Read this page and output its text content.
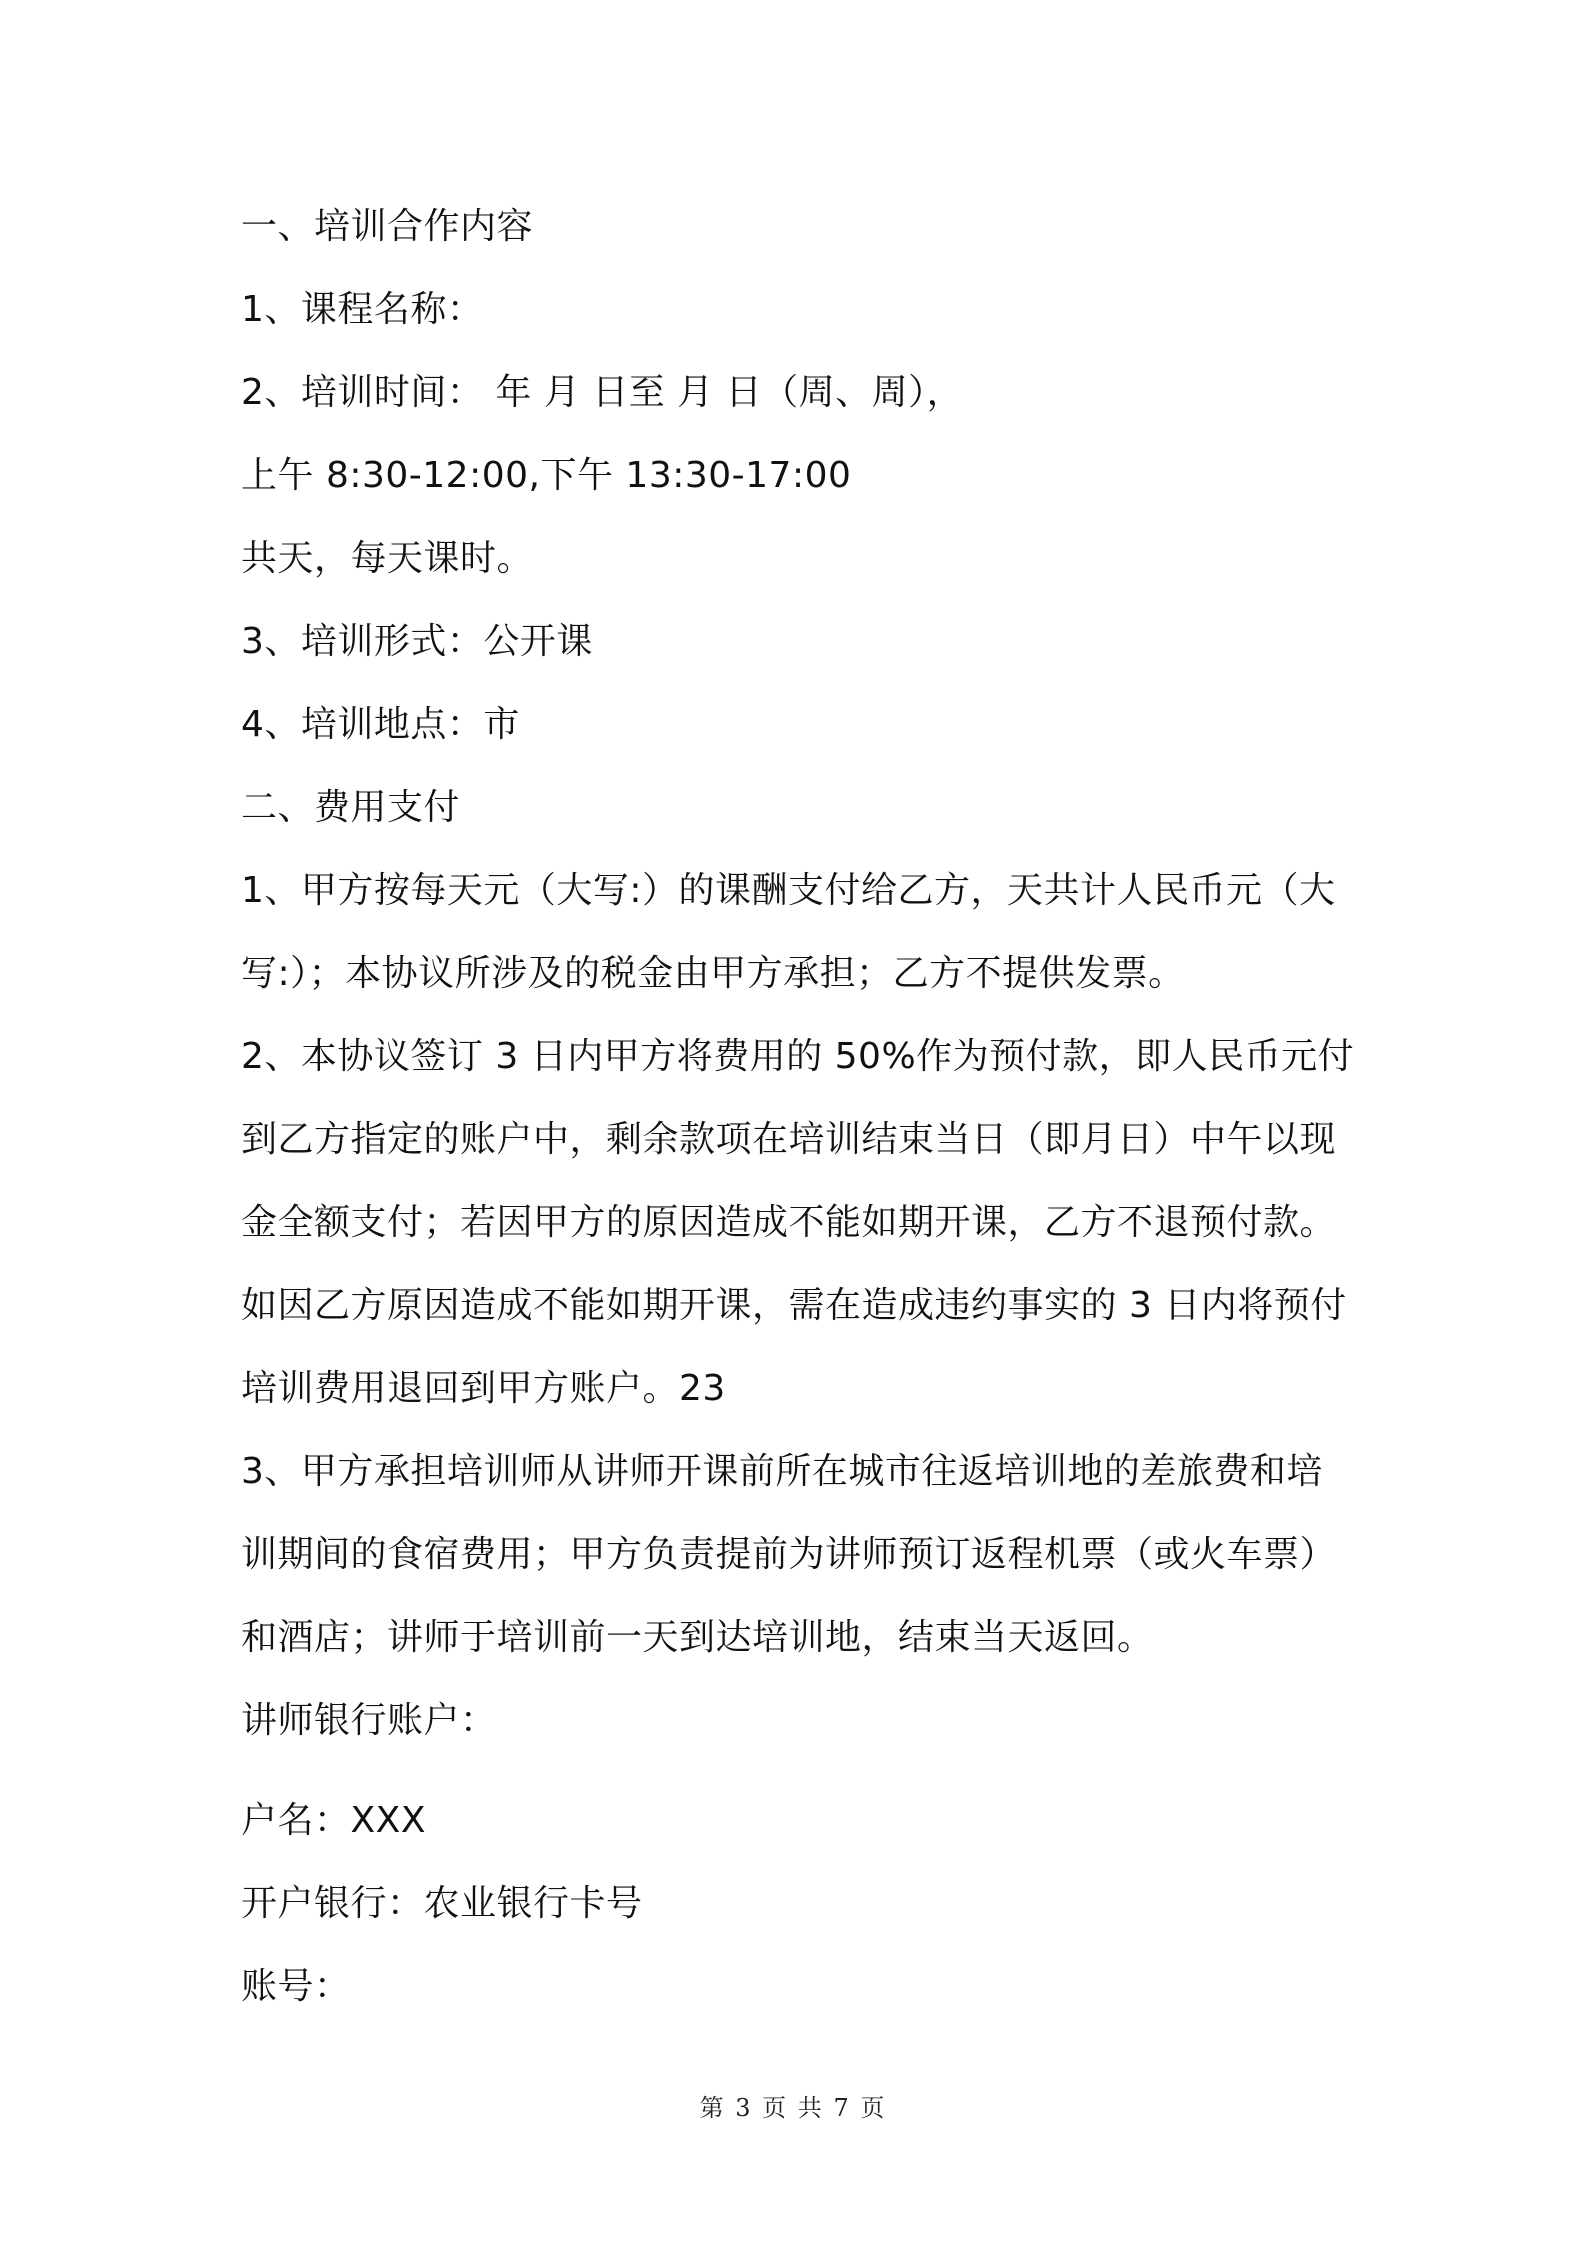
一、培训合作内容
1、课程名称：
2、培训时间： 年 月 日至 月 日（周、周），
上午 8:30-12:00,下午 13:30-17:00
共天，每天课时。
3、培训形式：公开课
4、培训地点：市
二、费用支付
1、甲方按每天元（大写:）的课酬支付给乙方，天共计人民币元（大
写:）；本协议所涉及的税金由甲方承担；乙方不提供发票。
2、本协议签订 3 日内甲方将费用的 50%作为预付款，即人民币元付
到乙方指定的账户中，剩余款项在培训结束当日（即月日）中午以现
金全额支付；若因甲方的原因造成不能如期开课，乙方不退预付款。
如因乙方原因造成不能如期开课，需在造成违约事实的 3 日内将预付
培训费用退回到甲方账户。23
3、甲方承担培训师从讲师开课前所在城市往返培训地的差旅费和培
训期间的食宿费用；甲方负责提前为讲师预订返程机票（或火车票）
和酒店；讲师于培训前一天到达培训地，结束当天返回。
讲师银行账户：
户名：XXX
开户银行：农业银行卡号
账号：
第 3 页 共 7 页
